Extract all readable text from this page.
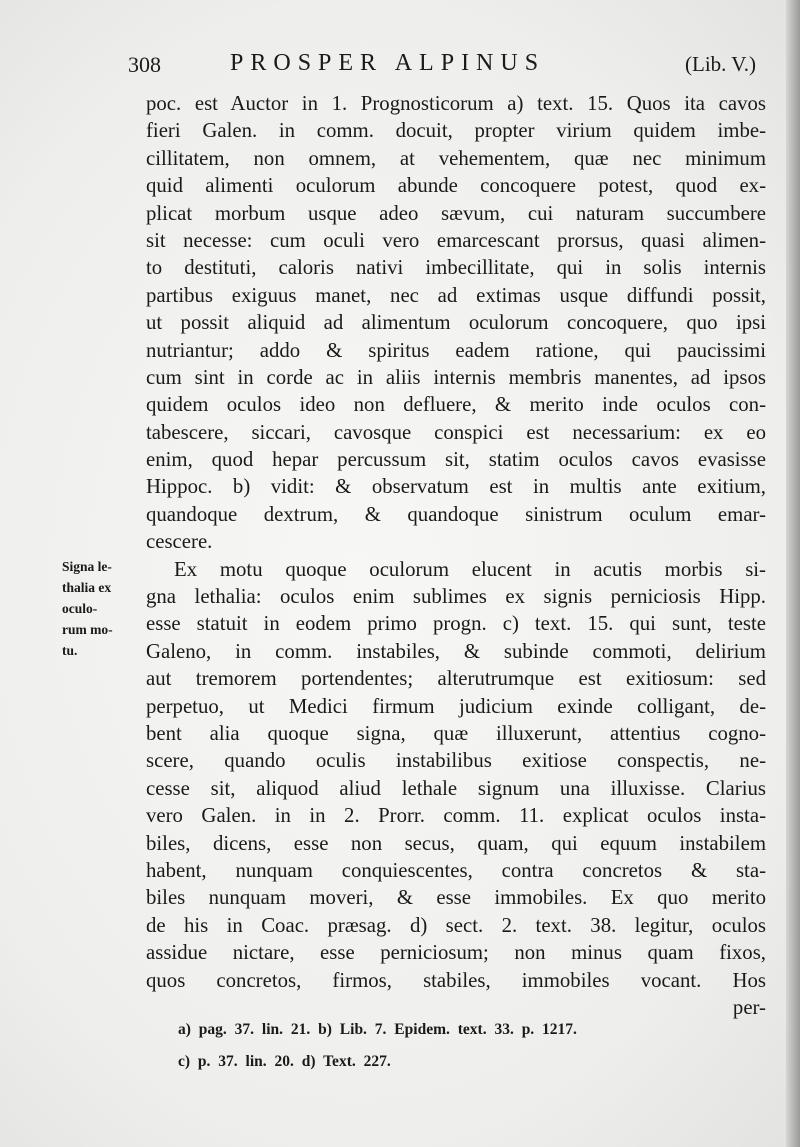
308	PROSPER ALPINUS	(Lib. V.)
poc. est Auctor in 1. Prognosticorum a) text. 15. Quos ita cavos
fieri Galen. in comm. docuit, propter virium quidem imbe-
cillitatem, non omnem, at vehementem, quæ nec minimum
quid alimenti oculorum abunde concoquere potest, quod ex-
plicat morbum usque adeo sævum, cui naturam succumbere
sit necesse: cum oculi vero emarcescant prorsus, quasi alimen-
to destituti, caloris nativi imbecillitate, qui in solis internis
partibus exiguus manet, nec ad extimas usque diffundi possit,
ut possit aliquid ad alimentum oculorum concoquere, quo ipsi
nutriantur; addo & spiritus eadem ratione, qui paucissimi
cum sint in corde ac in aliis internis membris manentes, ad ipsos
quidem oculos ideo non defluere, & merito inde oculos con-
tabescere, siccari, cavosque conspici est necessarium: ex eo
enim, quod hepar percussum sit, statim oculos cavos evasisse
Hippoc. b) vidit: & observatum est in multis ante exitium,
quandoque dextrum, & quandoque sinistrum oculum emar-
cescere.
Ex motu quoque oculorum elucent in acutis morbis si-
gna lethalia: oculos enim sublimes ex signis perniciosis Hipp.
esse statuit in eodem primo progn. c) text. 15. qui sunt, teste
Galeno, in comm. instabiles, & subinde commoti, delirium
aut tremorem portendentes; alterutrumque est exitiosum: sed
perpetuo, ut Medici firmum judicium exinde colligant, de-
bent alia quoque signa, quæ illuxerunt, attentius cogno-
scere, quando oculis instabilibus exitiose conspectis, ne-
cesse sit, aliquod aliud lethale signum una illuxisse. Clarius
vero Galen. in in 2. Prorr. comm. 11. explicat oculos insta-
biles, dicens, esse non secus, quam, qui equum instabilem
habent, nunquam conquiescentes, contra concretos & sta-
biles nunquam moveri, & esse immobiles. Ex quo merito
de his in Coac. præsag. d) sect. 2. text. 38. legitur, oculos
assidue nictare, esse perniciosum; non minus quam fixos,
quos concretos, firmos, stabiles, immobiles vocant. Hos
per-
Signa le-
thalia ex
oculo-
rum mo-
tu.
a) pag. 37. lin. 21. b) Lib. 7. Epidem. text. 33. p. 1217.
c) p. 37. lin. 20. d) Text. 227.
